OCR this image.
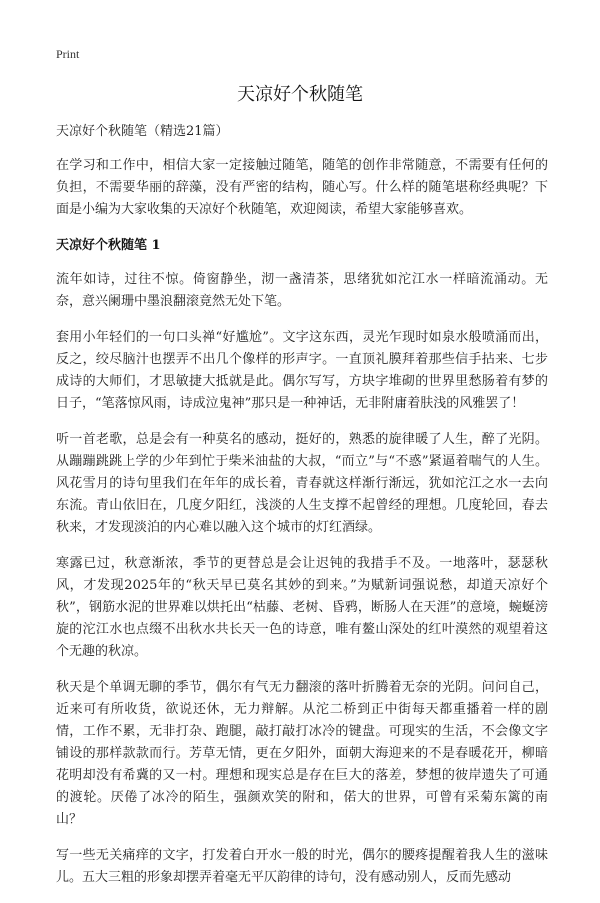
Print
天凉好个秋随笔

天凉好个秋随笔（精选21篇）

在学习和工作中，相信大家一定接触过随笔，随笔的创作非常随意，不需要有任何的负担，不需要华丽的辞藻，没有严密的结构，随心写。什么样的随笔堪称经典呢？下面是小编为大家收集的天凉好个秋随笔，欢迎阅读，希望大家能够喜欢。

天凉好个秋随笔 1

流年如诗，过往不惊。倚窗静坐，沏一盏清茶，思绪犹如沱江水一样暗流涌动。无奈，意兴阑珊中墨浪翻滚竟然无处下笔。

套用小年轻们的一句口头禅“好尴尬”。文字这东西，灵光乍现时如泉水般喷涌而出，反之，绞尽脑汁也摆弄不出几个像样的形声字。一直顶礼膜拜着那些信手拈来、七步成诗的大师们，才思敏捷大抵就是此。偶尔写写，方块字堆砌的世界里愁肠着有梦的日子，“笔落惊风雨，诗成泣鬼神”那只是一种神话，无非附庸着肤浅的风雅罢了！

听一首老歌，总是会有一种莫名的感动，挺好的，熟悉的旋律暖了人生，醉了光阴。从蹦蹦跳跳上学的少年到忙于柴米油盐的大叔，“而立”与“不惑”紧逼着喘气的人生。风花雪月的诗句里我们在年年的成长着，青春就这样渐行渐远，犹如沱江之水一去向东流。青山依旧在，几度夕阳红，浅淡的人生支撑不起曾经的理想。几度轮回，春去秋来，才发现淡泊的内心难以融入这个城市的灯红酒绿。

寒露已过，秋意渐浓，季节的更替总是会让迟钝的我措手不及。一地落叶，瑟瑟秋风，才发现2025年的“秋天早已莫名其妙的到来。”为赋新词强说愁，却道天凉好个秋”，钢筋水泥的世界难以烘托出“枯藤、老树、昏鸦，断肠人在天涯”的意境，蜿蜒滂旋的沱江水也点缀不出秋水共长天一色的诗意，唯有鳌山深处的红叶漠然的观望着这个无趣的秋凉。

秋天是个单调无聊的季节，偶尔有气无力翻滚的落叶折腾着无奈的光阴。问问自己，近来可有所收货，欲说还休，无力辩解。从沱二桥到正中街每天都重播着一样的剧情，工作不累，无非打杂、跑腿，敲打敲打冰冷的键盘。可现实的生活，不会像文字铺设的那样款款而行。芳草无情，更在夕阳外，面朝大海迎来的不是春暖花开，柳暗花明却没有希冀的又一村。理想和现实总是存在巨大的落差，梦想的彼岸遗失了可通的渡轮。厌倦了冰冷的陌生，强颜欢笑的附和，偌大的世界，可曾有采菊东篱的南山？

写一些无关痛痒的文字，打发着白开水一般的时光，偶尔的腰疼提醒着我人生的滋味儿。五大三粗的形象却摆弄着毫无平仄韵律的诗句，没有感动别人，反而先感动
